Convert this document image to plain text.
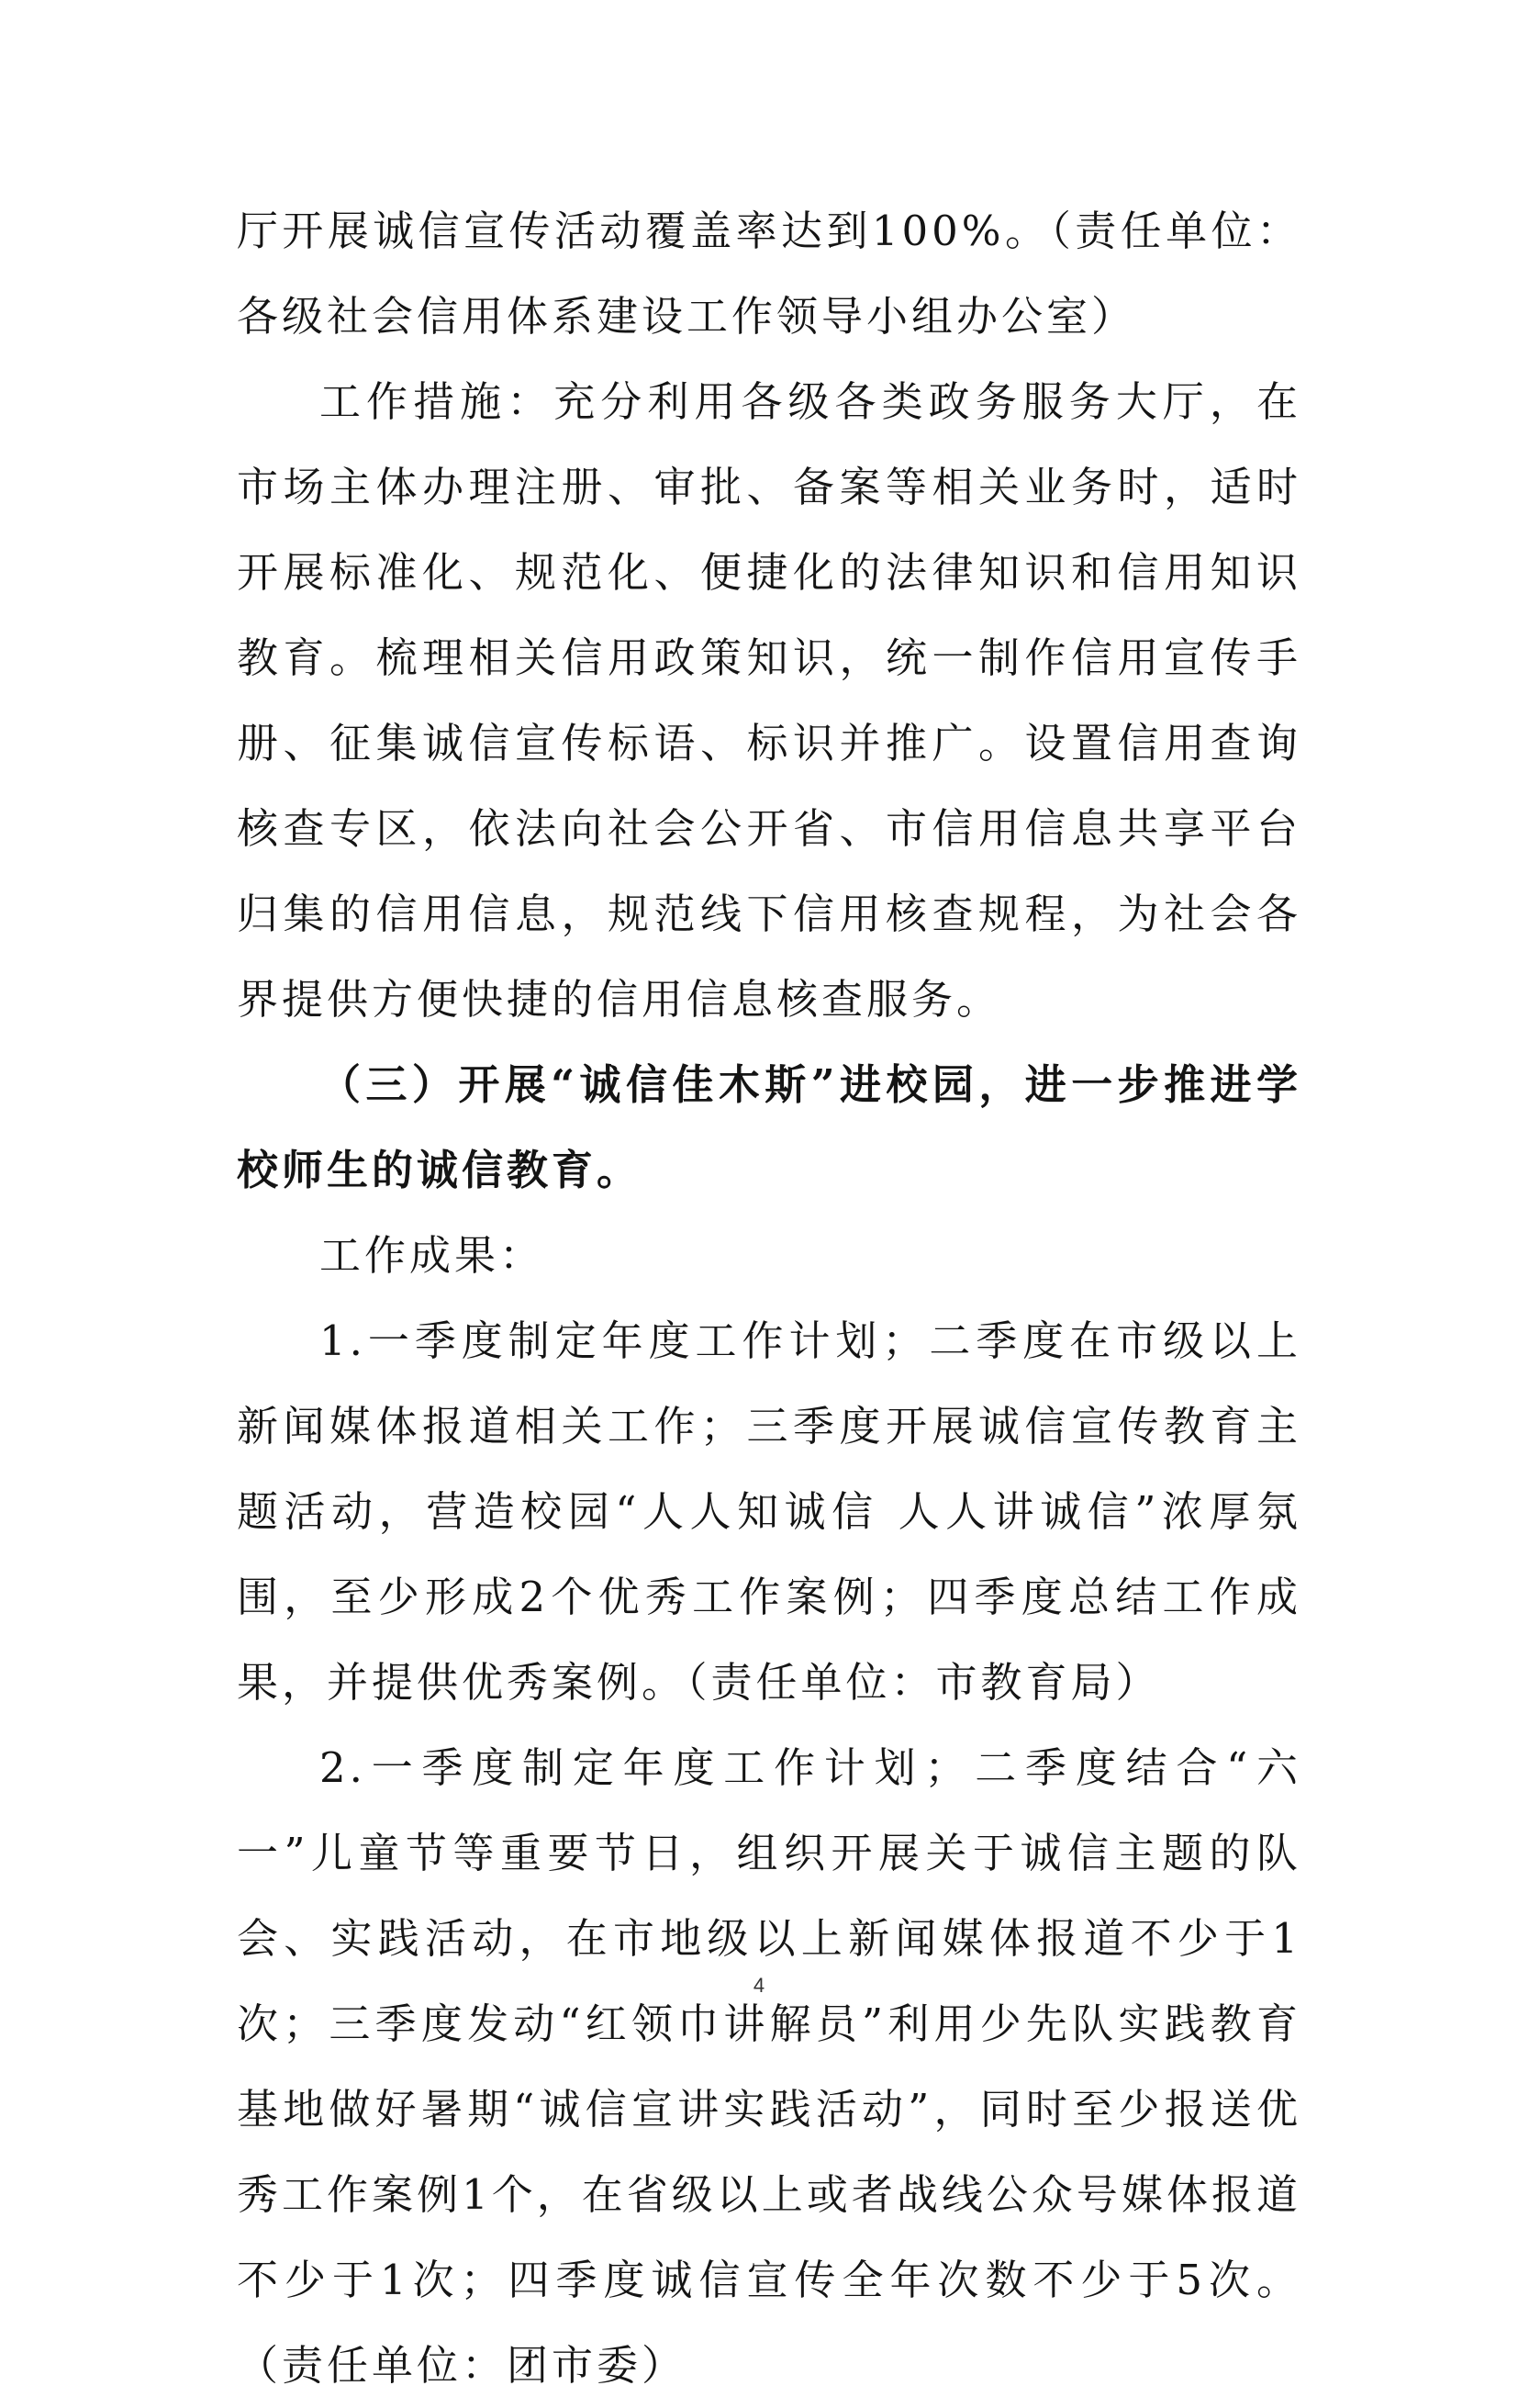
厅开展诚信宣传活动覆盖率达到100%。（责任单位：各级社会信用体系建设工作领导小组办公室）

工作措施：充分利用各级各类政务服务大厅，在市场主体办理注册、审批、备案等相关业务时，适时开展标准化、规范化、便捷化的法律知识和信用知识教育。梳理相关信用政策知识，统一制作信用宣传手册、征集诚信宣传标语、标识并推广。设置信用查询核查专区，依法向社会公开省、市信用信息共享平台归集的信用信息，规范线下信用核查规程，为社会各界提供方便快捷的信用信息核查服务。

（三）开展“诚信佳木斯”进校园，进一步推进学校师生的诚信教育。

工作成果：

1.一季度制定年度工作计划；二季度在市级以上新闻媒体报道相关工作；三季度开展诚信宣传教育主题活动，营造校园“人人知诚信 人人讲诚信”浓厚氛围，至少形成2个优秀工作案例；四季度总结工作成果，并提供优秀案例。（责任单位：市教育局）

2.一季度制定年度工作计划；二季度结合“六一”儿童节等重要节日，组织开展关于诚信主题的队会、实践活动，在市地级以上新闻媒体报道不少于1次；三季度发动“红领巾讲解员”利用少先队实践教育基地做好暑期“诚信宣讲实践活动”，同时至少报送优秀工作案例1个，在省级以上或者战线公众号媒体报道不少于1次；四季度诚信宣传全年次数不少于5次。（责任单位：团市委）

4
